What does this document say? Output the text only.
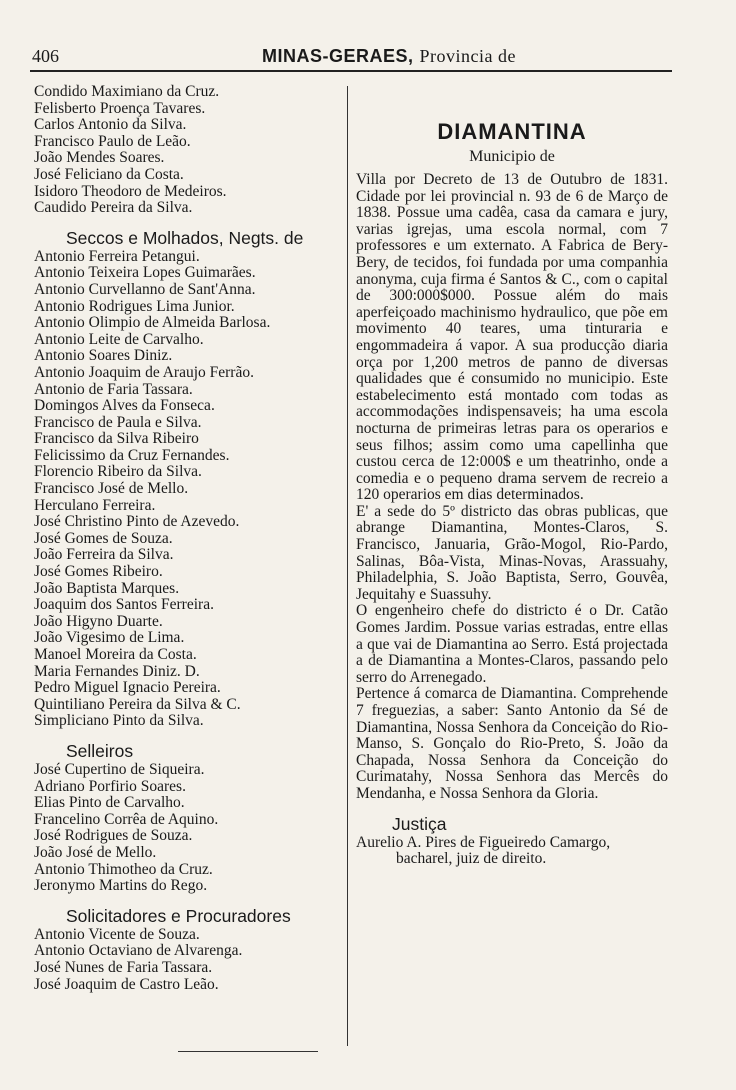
406	MINAS-GERAES, Provincia de
Condido Maximiano da Cruz.
Felisberto Proença Tavares.
Carlos Antonio da Silva.
Francisco Paulo de Leão.
João Mendes Soares.
José Feliciano da Costa.
Isidoro Theodoro de Medeiros.
Caudido Pereira da Silva.
Seccos e Molhados, Negts. de
Antonio Ferreira Petangui.
Antonio Teixeira Lopes Guimarães.
Antonio Curvellanno de Sant'Anna.
Antonio Rodrigues Lima Junior.
Antonio Olimpio de Almeida Barlosa.
Antonio Leite de Carvalho.
Antonio Soares Diniz.
Antonio Joaquim de Araujo Ferrão.
Antonio de Faria Tassara.
Domingos Alves da Fonseca.
Francisco de Paula e Silva.
Francisco da Silva Ribeiro
Felicissimo da Cruz Fernandes.
Florencio Ribeiro da Silva.
Francisco José de Mello.
Herculano Ferreira.
José Christino Pinto de Azevedo.
José Gomes de Souza.
João Ferreira da Silva.
José Gomes Ribeiro.
João Baptista Marques.
Joaquim dos Santos Ferreira.
João Higyno Duarte.
João Vigesimo de Lima.
Manoel Moreira da Costa.
Maria Fernandes Diniz. D.
Pedro Miguel Ignacio Pereira.
Quintiliano Pereira da Silva & C.
Simpliciano Pinto da Silva.
Selleiros
José Cupertino de Siqueira.
Adriano Porfirio Soares.
Elias Pinto de Carvalho.
Francelino Corrêa de Aquino.
José Rodrigues de Souza.
João José de Mello.
Antonio Thimotheo da Cruz.
Jeronymo Martins do Rego.
Solicitadores e Procuradores
Antonio Vicente de Souza.
Antonio Octaviano de Alvarenga.
José Nunes de Faria Tassara.
José Joaquim de Castro Leão.
DIAMANTINA
Municipio de
Villa por Decreto de 13 de Outubro de 1831. Cidade por lei provincial n. 93 de 6 de Março de 1838. Possue uma cadêa, casa da camara e jury, varias igrejas, uma escola normal, com 7 professores e um externato. A Fabrica de Bery-Bery, de tecidos, foi fundada por uma companhia anonyma, cuja firma é Santos & C., com o capital de 300:000$000. Possue além do mais aperfeiçoado machinismo hydraulico, que põe em movimento 40 teares, uma tinturaria e engommadeira á vapor. A sua producção diaria orça por 1,200 metros de panno de diversas qualidades que é consumido no municipio. Este estabelecimento está montado com todas as accommodações indispensaveis; ha uma escola nocturna de primeiras letras para os operarios e seus filhos; assim como uma capellinha que custou cerca de 12:000$ e um theatrinho, onde a comedia e o pequeno drama servem de recreio a 120 operarios em dias determinados.
E' a sede do 5º districto das obras publicas, que abrange Diamantina, Montes-Claros, S. Francisco, Januaria, Grão-Mogol, Rio-Pardo, Salinas, Bôa-Vista, Minas-Novas, Arassuahy, Philadelphia, S. João Baptista, Serro, Gouvêa, Jequitahy e Suassuhy.
O engenheiro chefe do districto é o Dr. Catão Gomes Jardim. Possue varias estradas, entre ellas a que vai de Diamantina ao Serro. Está projectada a de Diamantina a Montes-Claros, passando pelo serro do Arrenegado.
Pertence á comarca de Diamantina. Comprehende 7 freguezias, a saber: Santo Antonio da Sé de Diamantina, Nossa Senhora da Conceição do Rio-Manso, S. Gonçalo do Rio-Preto, S. João da Chapada, Nossa Senhora da Conceição do Curimatahy, Nossa Senhora das Mercês do Mendanha, e Nossa Senhora da Gloria.
Justiça
Aurelio A. Pires de Figueiredo Camargo,
bacharel, juiz de direito.
